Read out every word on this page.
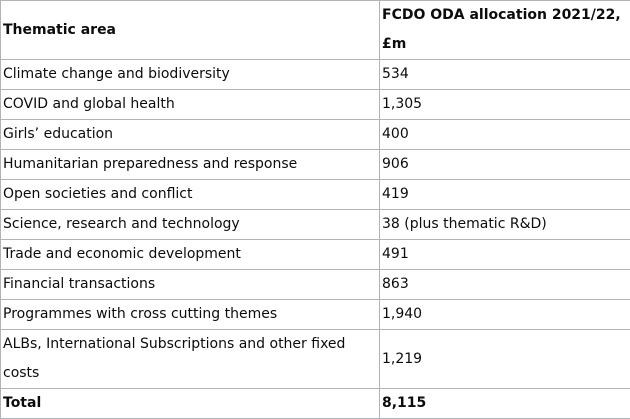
Thematic area	FCDO ODA allocation 2021/22, £m
Climate change and biodiversity	534
COVID and global health	1,305
Girls’ education	400
Humanitarian preparedness and response	906
Open societies and conflict	419
Science, research and technology	38 (plus thematic R&D)
Trade and economic development	491
Financial transactions	863
Programmes with cross cutting themes	1,940
ALBs, International Subscriptions and other fixed costs	1,219
Total	8,115
